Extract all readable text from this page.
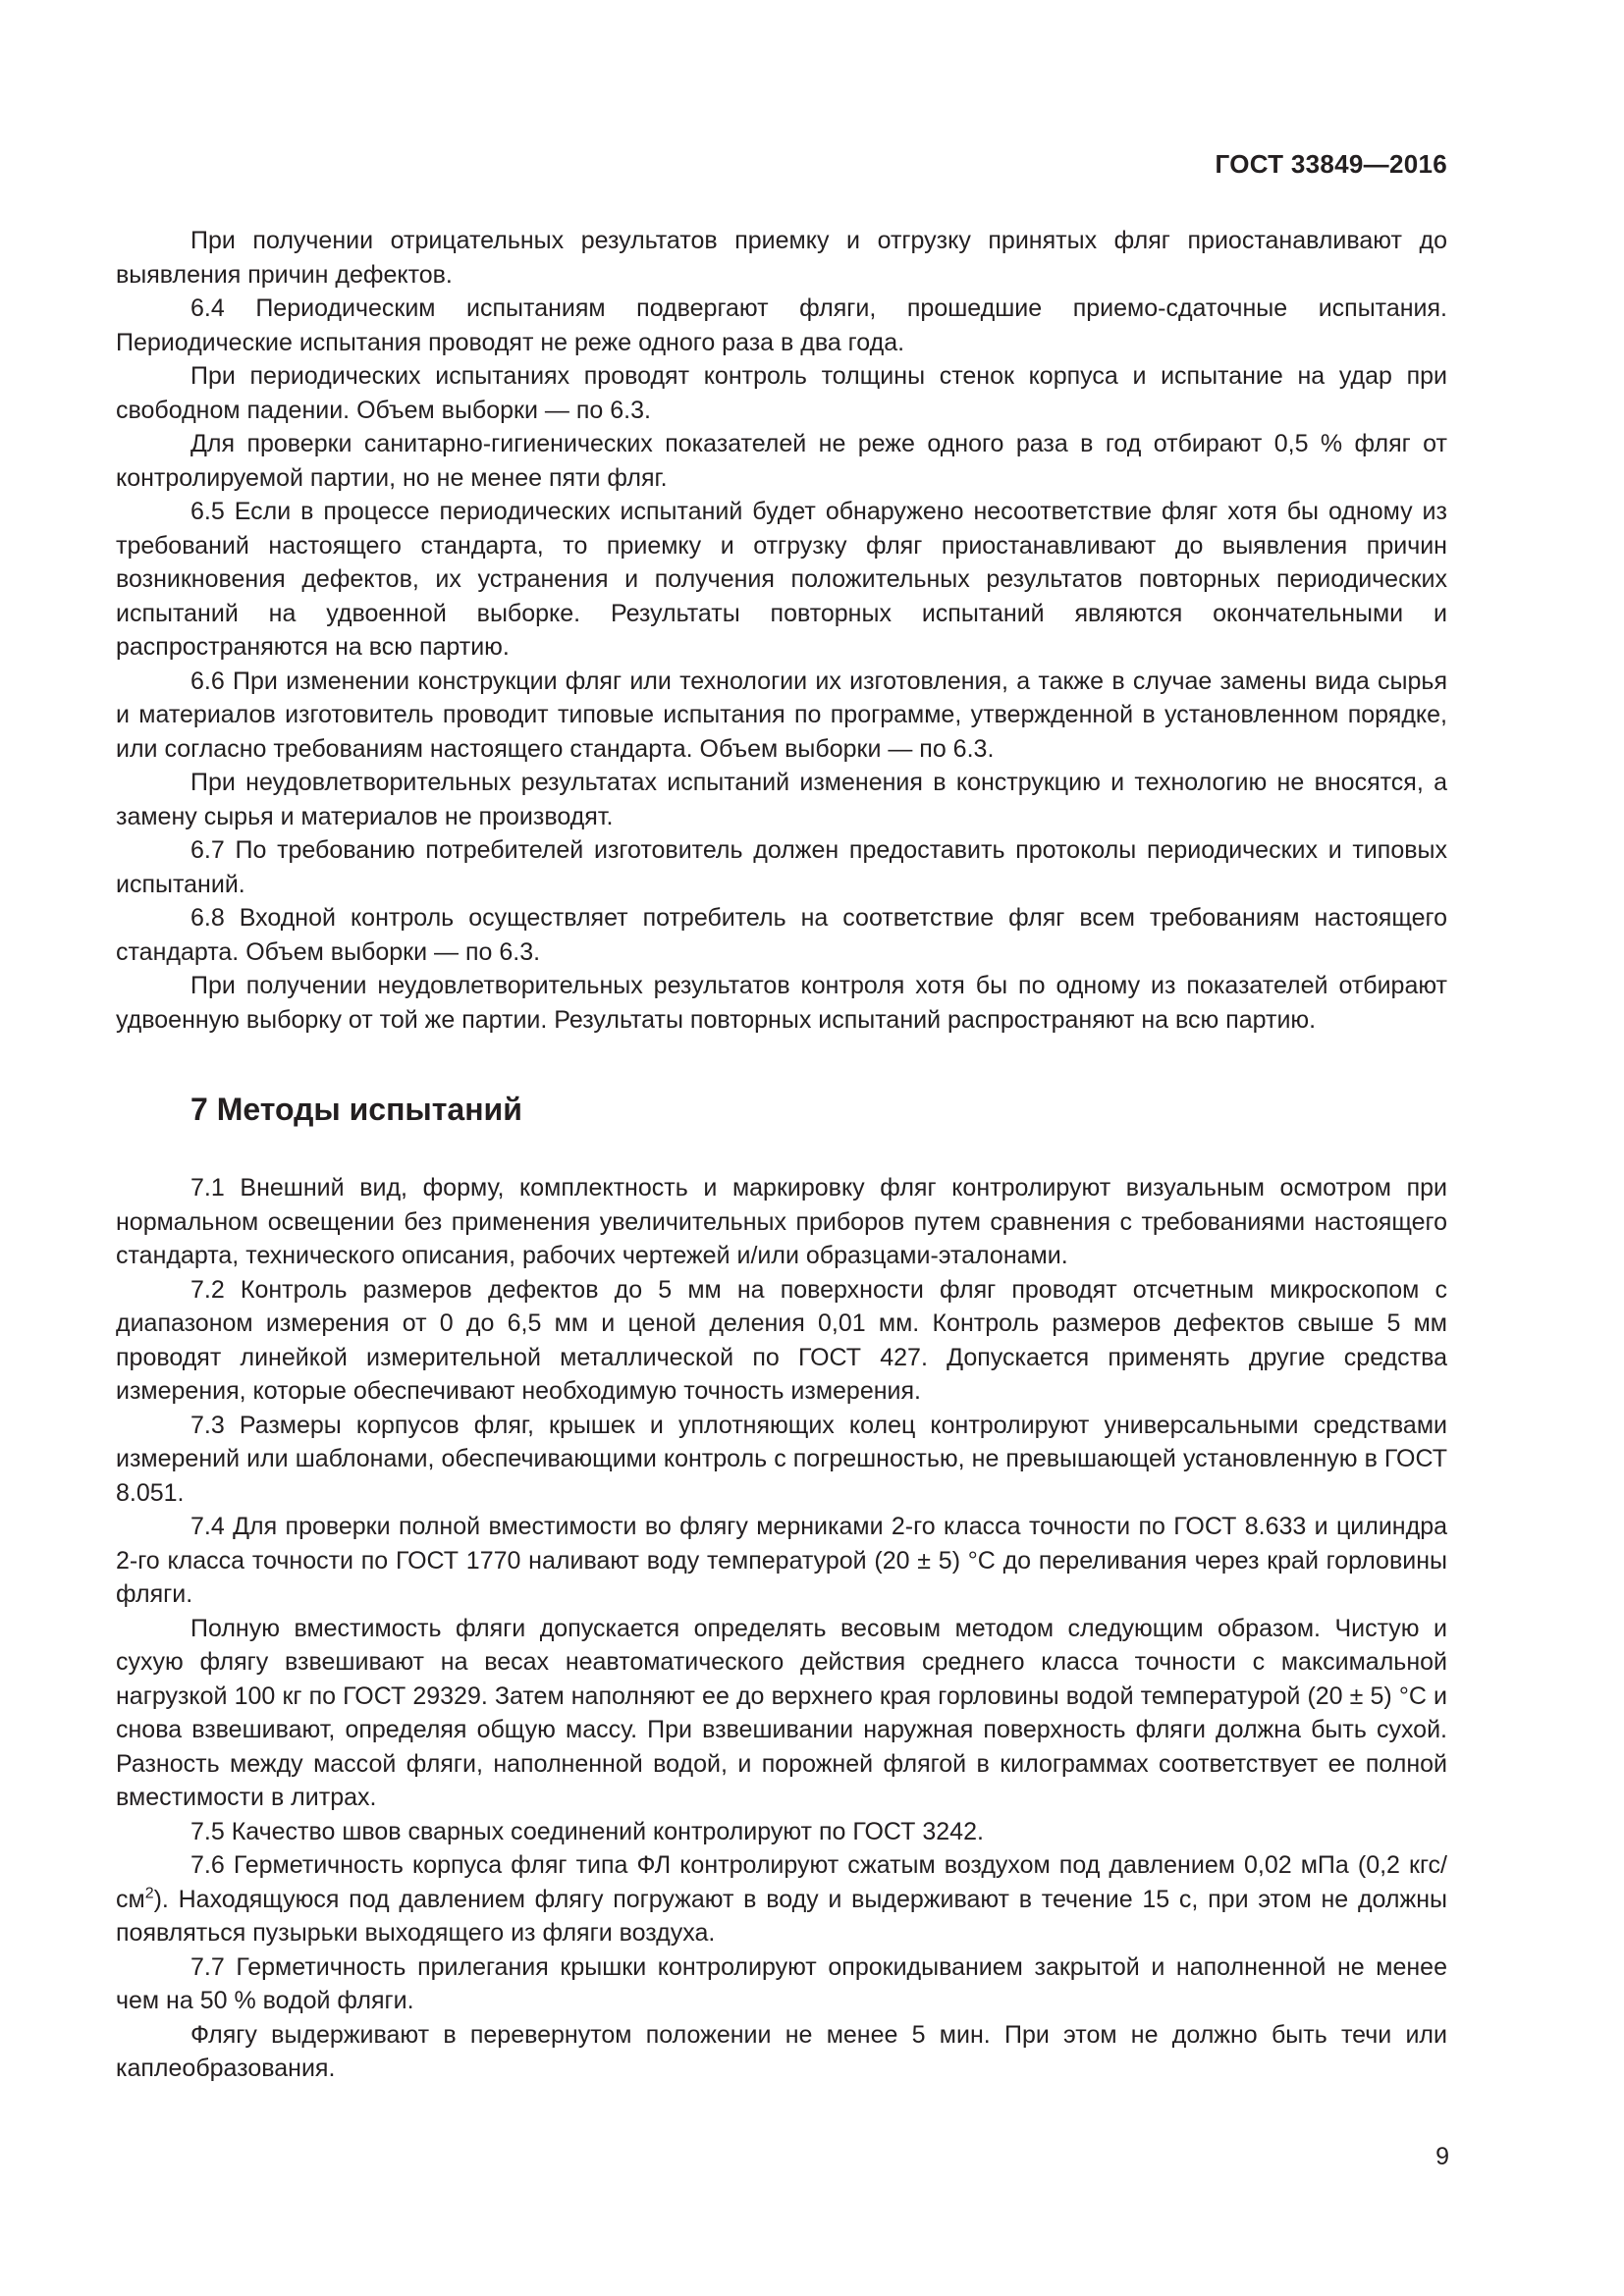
ГОСТ 33849—2016

При получении отрицательных результатов приемку и отгрузку принятых фляг приостанавливают до выявления причин дефектов.

6.4 Периодическим испытаниям подвергают фляги, прошедшие приемо-сдаточные испытания. Периодические испытания проводят не реже одного раза в два года.

При периодических испытаниях проводят контроль толщины стенок корпуса и испытание на удар при свободном падении. Объем выборки — по 6.3.

Для проверки санитарно-гигиенических показателей не реже одного раза в год отбирают 0,5 % фляг от контролируемой партии, но не менее пяти фляг.

6.5 Если в процессе периодических испытаний будет обнаружено несоответствие фляг хотя бы одному из требований настоящего стандарта, то приемку и отгрузку фляг приостанавливают до выявления причин возникновения дефектов, их устранения и получения положительных результатов повторных периодических испытаний на удвоенной выборке. Результаты повторных испытаний являются окончательными и распространяются на всю партию.

6.6 При изменении конструкции фляг или технологии их изготовления, а также в случае замены вида сырья и материалов изготовитель проводит типовые испытания по программе, утвержденной в установленном порядке, или согласно требованиям настоящего стандарта. Объем выборки — по 6.3.

При неудовлетворительных результатах испытаний изменения в конструкцию и технологию не вносятся, а замену сырья и материалов не производят.

6.7 По требованию потребителей изготовитель должен предоставить протоколы периодических и типовых испытаний.

6.8 Входной контроль осуществляет потребитель на соответствие фляг всем требованиям настоящего стандарта. Объем выборки — по 6.3.

При получении неудовлетворительных результатов контроля хотя бы по одному из показателей отбирают удвоенную выборку от той же партии. Результаты повторных испытаний распространяют на всю партию.

7 Методы испытаний

7.1 Внешний вид, форму, комплектность и маркировку фляг контролируют визуальным осмотром при нормальном освещении без применения увеличительных приборов путем сравнения с требованиями настоящего стандарта, технического описания, рабочих чертежей и/или образцами-эталонами.

7.2 Контроль размеров дефектов до 5 мм на поверхности фляг проводят отсчетным микроскопом с диапазоном измерения от 0 до 6,5 мм и ценой деления 0,01 мм. Контроль размеров дефектов свыше 5 мм проводят линейкой измерительной металлической по ГОСТ 427. Допускается применять другие средства измерения, которые обеспечивают необходимую точность измерения.

7.3 Размеры корпусов фляг, крышек и уплотняющих колец контролируют универсальными средствами измерений или шаблонами, обеспечивающими контроль с погрешностью, не превышающей установленную в ГОСТ 8.051.

7.4 Для проверки полной вместимости во флягу мерниками 2-го класса точности по ГОСТ 8.633 и цилиндра 2-го класса точности по ГОСТ 1770 наливают воду температурой (20 ± 5) °С до переливания через край горловины фляги.

Полную вместимость фляги допускается определять весовым методом следующим образом. Чистую и сухую флягу взвешивают на весах неавтоматического действия среднего класса точности с максимальной нагрузкой 100 кг по ГОСТ 29329. Затем наполняют ее до верхнего края горловины водой температурой (20 ± 5) °С и снова взвешивают, определяя общую массу. При взвешивании наружная поверхность фляги должна быть сухой. Разность между массой фляги, наполненной водой, и порожней флягой в килограммах соответствует ее полной вместимости в литрах.

7.5 Качество швов сварных соединений контролируют по ГОСТ 3242.

7.6 Герметичность корпуса фляг типа ФЛ контролируют сжатым воздухом под давлением 0,02 мПа (0,2 кгс/$см^2$). Находящуюся под давлением флягу погружают в воду и выдерживают в течение 15 с, при этом не должны появляться пузырьки выходящего из фляги воздуха.

7.7 Герметичность прилегания крышки контролируют опрокидыванием закрытой и наполненной не менее чем на 50 % водой фляги.

Флягу выдерживают в перевернутом положении не менее 5 мин. При этом не должно быть течи или каплеобразования.

9
